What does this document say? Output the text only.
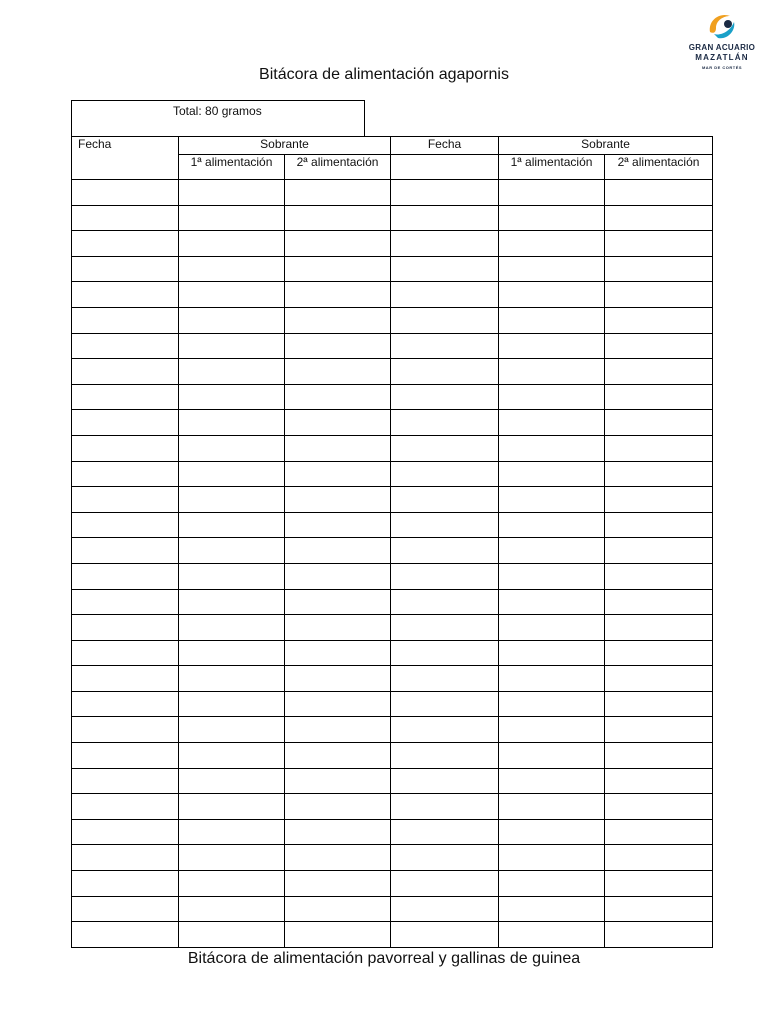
GRAN ACUARIO
MAZATLÁN
MAR DE CORTÉS
Bitácora de alimentación agapornis
Total: 80 gramos
Fecha	Sobrante		Fecha	Sobrante	
	1ª alimentación	2ª alimentación		1ª alimentación	2ª alimentación

Bitácora de alimentación pavorreal y gallinas de guinea
